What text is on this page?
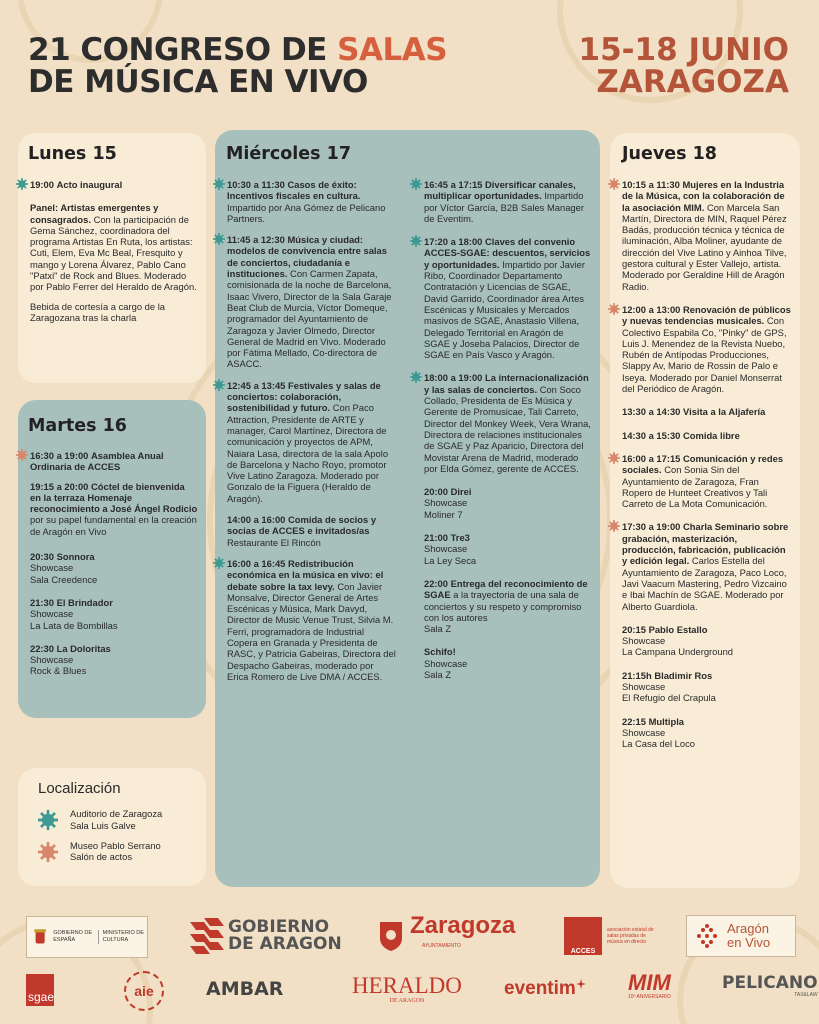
21 CONGRESO DE SALAS
DE MÚSICA EN VIVO
15-18 JUNIO
ZARAGOZA
Lunes 15
19:00 Acto inaugural
Panel: Artistas emergentes y consagrados. Con la participación de Gema Sánchez, coordinadora del programa Artistas En Ruta, los artistas: Cuti, Elem, Eva Mc Beal, Fresquito y mango y Lorena Álvarez, Pablo Cano "Patxi" de Rock and Blues. Moderado por Pablo Ferrer del Heraldo de Aragón.
Bebida de cortesía a cargo de la Zaragozana tras la charla
Martes 16
16:30 a 19:00 Asamblea Anual Ordinaria de ACCES
19:15 a 20:00 Cóctel de bienvenida en la terraza Homenaje reconocimiento a José Ángel Rodicio por su papel fundamental en la creación de Aragón en Vivo
20:30 Sonnora
Showcase
Sala Creedence
21:30 El Brindador
Showcase
La Lata de Bombillas
22:30 La Doloritas
Showcase
Rock & Blues
Localización
Auditorio de Zaragoza
Sala Luis Galve
Museo Pablo Serrano
Salón de actos
Miércoles 17
10:30 a 11:30 Casos de éxito: Incentivos fiscales en cultura. Impartido por Ana Gómez de Pelicano Partners.
11:45 a 12:30 Música y ciudad: modelos de convivencia entre salas de conciertos, ciudadanía e instituciones. Con Carmen Zapata, comisionada de la noche de Barcelona, Isaac Vivero, Director de la Sala Garaje Beat Club de Murcia, Víctor Domeque, programador del Ayuntamiento de Zaragoza y Javier Olmedo, Director General de Madrid en Vivo. Moderado por Fátima Mellado, Co-directora de ASACC.
12:45 a 13:45 Festivales y salas de conciertos: colaboración, sostenibilidad y futuro. Con Paco Attraction, Presidente de ARTE y manager, Carol Martínez, Directora de comunicación y proyectos de APM, Naiara Lasa, directora de la sala Apolo de Barcelona y Nacho Royo, promotor Vive Latino Zaragoza. Moderado por Gonzalo de la Figuera (Heraldo de Aragón).
14:00 a 16:00 Comida de socios y socias de ACCES e invitados/as
Restaurante El Rincón
16:00 a 16:45 Redistribución económica en la música en vivo: el debate sobre la tax levy. Con Javier Monsalve, Director General de Artes Escénicas y Música, Mark Davyd, Director de Music Venue Trust, Silvia M. Ferri, programadora de Industrial Copera en Granada y Presidenta de RASC, y Patricia Gabeiras, Directora del Despacho Gabeiras, moderado por Erica Romero de Live DMA / ACCES.
16:45 a 17:15 Diversificar canales, multiplicar oportunidades. Impartido por Víctor García, B2B Sales Manager de Eventim.
17:20 a 18:00 Claves del convenio ACCES-SGAE: descuentos, servicios y oportunidades. Impartido por Javier Ribo, Coordinador Departamento Contratación y Licencias de SGAE, David Garrido, Coordinador área Artes Escénicas y Musicales y Mercados masivos de SGAE, Anastasio Villena, Delegado Territorial en Aragón de SGAE y Joseba Palacios, Director de SGAE en País Vasco y Aragón.
18:00 a 19:00 La internacionalización y las salas de conciertos. Con Soco Collado, Presidenta de Es Música y Gerente de Promusicae, Tali Carreto, Director del Monkey Week, Vera Wrana, Directora de relaciones institucionales de SGAE y Paz Aparicio, Directora del Movistar Arena de Madrid, moderado por Elda Gómez, gerente de ACCES.
20:00 Direi
Showcase
Moliner 7
21:00 Tre3
Showcase
La Ley Seca
22:00 Entrega del reconocimiento de SGAE a la trayectoria de una sala de conciertos y su respeto y compromiso con los autores
Sala Z
Schifo!
Showcase
Sala Z
Jueves 18
10:15 a 11:30 Mujeres en la Industria de la Música, con la colaboración de la asociación MIM. Con Marcela San Martín, Directora de MIN, Raquel Pérez Badás, producción técnica y técnica de iluminación, Alba Moliner, ayudante de dirección del Vive Latino y Ainhoa Tilve, gestora cultural y Ester Vallejo, artista. Moderado por Geraldine Hill de Aragón Radio.
12:00 a 13:00 Renovación de públicos y nuevas tendencias musicales. Con Colectivo Espabila Co, "Pinky" de GPS, Luis J. Menendez de la Revista Nuebo, Rubén de Antípodas Producciones, Slappy Av, Mario de Rossin de Palo e Iseya. Moderado por Daniel Monserrat del Periódico de Aragón.
13:30 a 14:30 Visita a la Aljafería
14:30 a 15:30 Comida libre
16:00 a 17:15 Comunicación y redes sociales. Con Sonia Sin del Ayuntamiento de Zaragoza, Fran Ropero de Hunteet Creativos y Tali Carreto de La Mota Comunicación.
17:30 a 19:00 Charla Seminario sobre grabación, masterización, producción, fabricación, publicación y edición legal. Carlos Estella del Ayuntamiento de Zaragoza, Paco Loco, Javi Vaacum Mastering, Pedro Vizcaino e Ibai Machín de SGAE. Moderado por Alberto Guardiola.
20:15 Pablo Estallo
Showcase
La Campana Underground
21:15h Bladimir Ros
Showcase
El Refugio del Crapula
22:15 Multipla
Showcase
La Casa del Loco
GOBIERNO DE ESPAÑA
MINISTERIO DE CULTURA
GOBIERNO
DE ARAGON
Zaragoza
AYUNTAMIENTO
ACCES
asociación estatal de salas privadas de música en directo
Aragón
en Vivo
sgae	aie	AMBAR	HERALDO
DE ARAGON
eventim MIM
10º ANIVERSARIO
PELICANO
TAX&LAW
